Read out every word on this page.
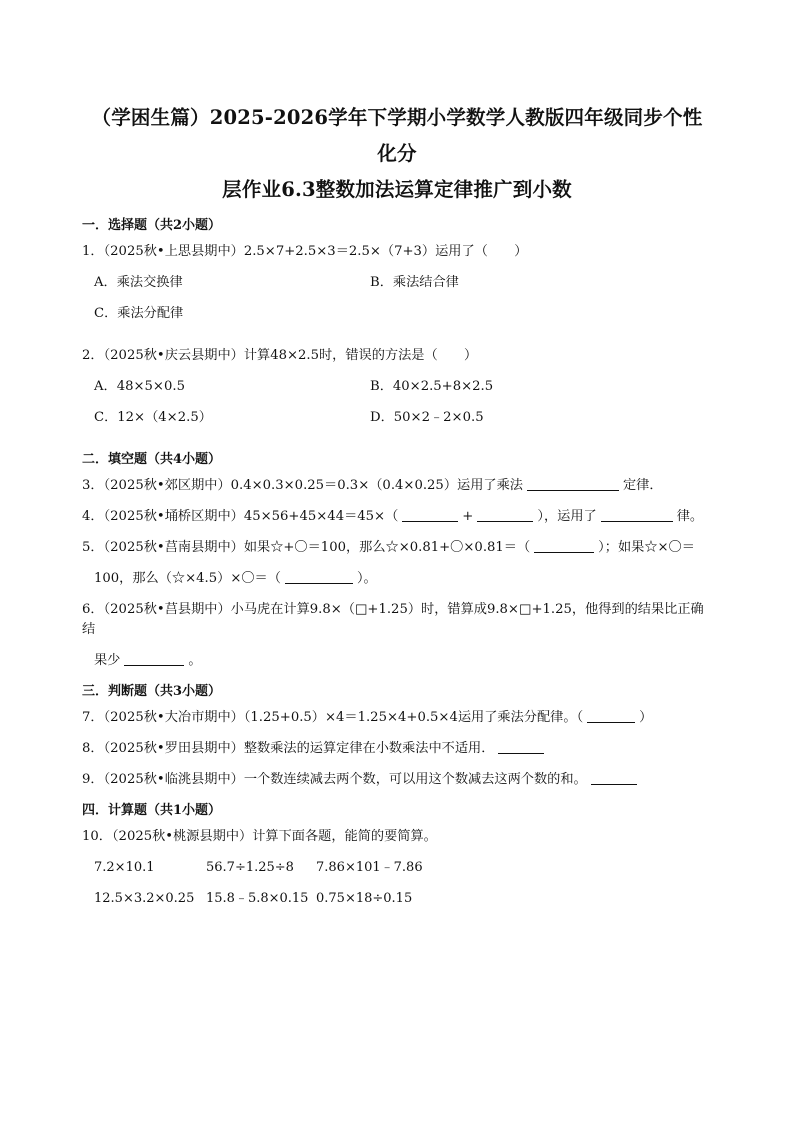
（学困生篇）2025-2026学年下学期小学数学人教版四年级同步个性化分
层作业6.3整数加法运算定律推广到小数
一．选择题（共2小题）
1．（2025秋•上思县期中）2.5×7+2.5×3＝2.5×（7+3）运用了（　　）
A．乘法交换律	B．乘法结合律
C．乘法分配律
2．（2025秋•庆云县期中）计算48×2.5时，错误的方法是（　　）
A．48×5×0.5	B．40×2.5+8×2.5
C．12×（4×2.5）	D．50×2﹣2×0.5
二．填空题（共4小题）
3．（2025秋•郊区期中）0.4×0.3×0.25＝0.3×（0.4×0.25）运用了乘法	定律．
4．（2025秋•埇桥区期中）45×56+45×44＝45×（	+	），运用了	律。
5．（2025秋•莒南县期中）如果☆+〇＝100，那么☆×0.81+〇×0.81＝（	）；如果☆×〇＝
100，那么（☆×4.5）×〇＝（	）。
6．（2025秋•莒县期中）小马虎在计算9.8×（□+1.25）时，错算成9.8×□+1.25，他得到的结果比正确结
果少	。
三．判断题（共3小题）
7．（2025秋•大冶市期中）（1.25+0.5）×4＝1.25×4+0.5×4运用了乘法分配律。（	）
8．（2025秋•罗田县期中）整数乘法的运算定律在小数乘法中不适用．
9．（2025秋•临洮县期中）一个数连续减去两个数，可以用这个数减去这两个数的和。
四．计算题（共1小题）
10．（2025秋•桃源县期中）计算下面各题，能简的要简算。
7.2×10.1	56.7÷1.25÷8	7.86×101﹣7.86
12.5×3.2×0.25 15.8﹣5.8×0.15 0.75×18÷0.15
